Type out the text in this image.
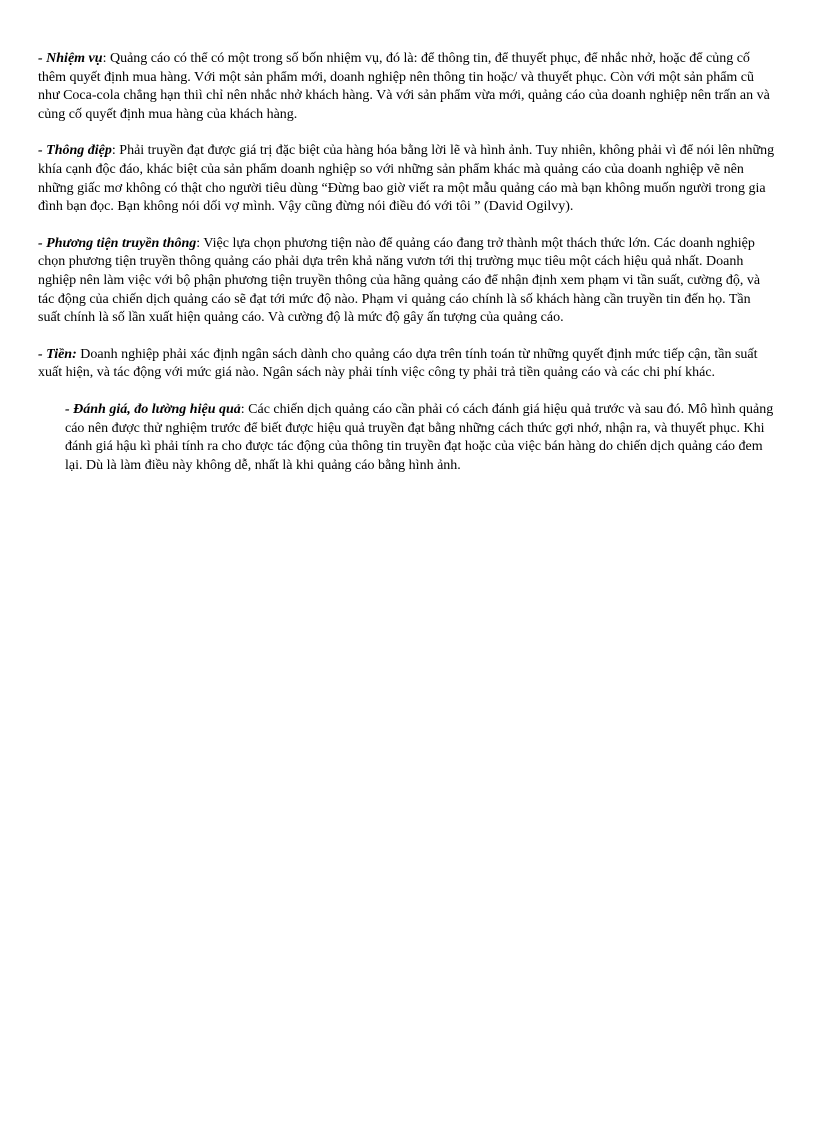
- Nhiệm vụ: Quảng cáo có thể có một trong số bốn nhiệm vụ, đó là: để thông tin, để thuyết phục, để nhắc nhở, hoặc để củng cố thêm quyết định mua hàng. Với một sản phẩm mới, doanh nghiệp nên thông tin hoặc/ và thuyết phục. Còn với một sản phẩm cũ như Coca-cola chẳng hạn thiì chỉ nên nhắc nhở khách hàng. Và với sản phẩm vừa mới, quảng cáo của doanh nghiệp nên trấn an và củng cố quyết định mua hàng của khách hàng.

- Thông điệp: Phải truyền đạt được giá trị đặc biệt của hàng hóa bằng lời lẽ và hình ảnh. Tuy nhiên, không phải vì để nói lên những khía cạnh độc đáo, khác biệt của sản phẩm doanh nghiệp so với những sản phẩm khác mà quảng cáo của doanh nghiệp vẽ nên những giấc mơ không có thật cho người tiêu dùng “Đừng bao giờ viết ra một mẫu quảng cáo mà bạn không muốn người trong gia đình bạn đọc. Bạn không nói dối vợ mình. Vậy cũng đừng nói điều đó với tôi ” (David Ogilvy).

- Phương tiện truyền thông: Việc lựa chọn phương tiện nào để quảng cáo đang trở thành một thách thức lớn. Các doanh nghiệp chọn phương tiện truyền thông quảng cáo phải dựa trên khả năng vươn tới thị trường mục tiêu một cách hiệu quả nhất. Doanh nghiệp nên làm việc với bộ phận phương tiện truyền thông của hãng quảng cáo để nhận định xem phạm vi tần suất, cường độ, và tác động của chiến dịch quảng cáo sẽ đạt tới mức độ nào. Phạm vi quảng cáo chính là số khách hàng cần truyền tin đến họ. Tần suất chính là số lần xuất hiện quảng cáo. Và cường độ là mức độ gây ấn tượng của quảng cáo.

- Tiền: Doanh nghiệp phải xác định ngân sách dành cho quảng cáo dựa trên tính toán từ những quyết định mức tiếp cận, tần suất xuất hiện, và tác động với mức giá nào. Ngân sách này phải tính việc công ty phải trả tiền quảng cáo và các chi phí khác.

- Đánh giá, đo lường hiệu quả: Các chiến dịch quảng cáo cần phải có cách đánh giá hiệu quả trước và sau đó. Mô hình quảng cáo nên được thử nghiệm trước để biết được hiệu quả truyền đạt bằng những cách thức gợi nhớ, nhận ra, và thuyết phục. Khi đánh giá hậu kì phải tính ra cho được tác động của thông tin truyền đạt hoặc của việc bán hàng do chiến dịch quảng cáo đem lại. Dù là làm điều này không dễ, nhất là khi quảng cáo bằng hình ảnh.
